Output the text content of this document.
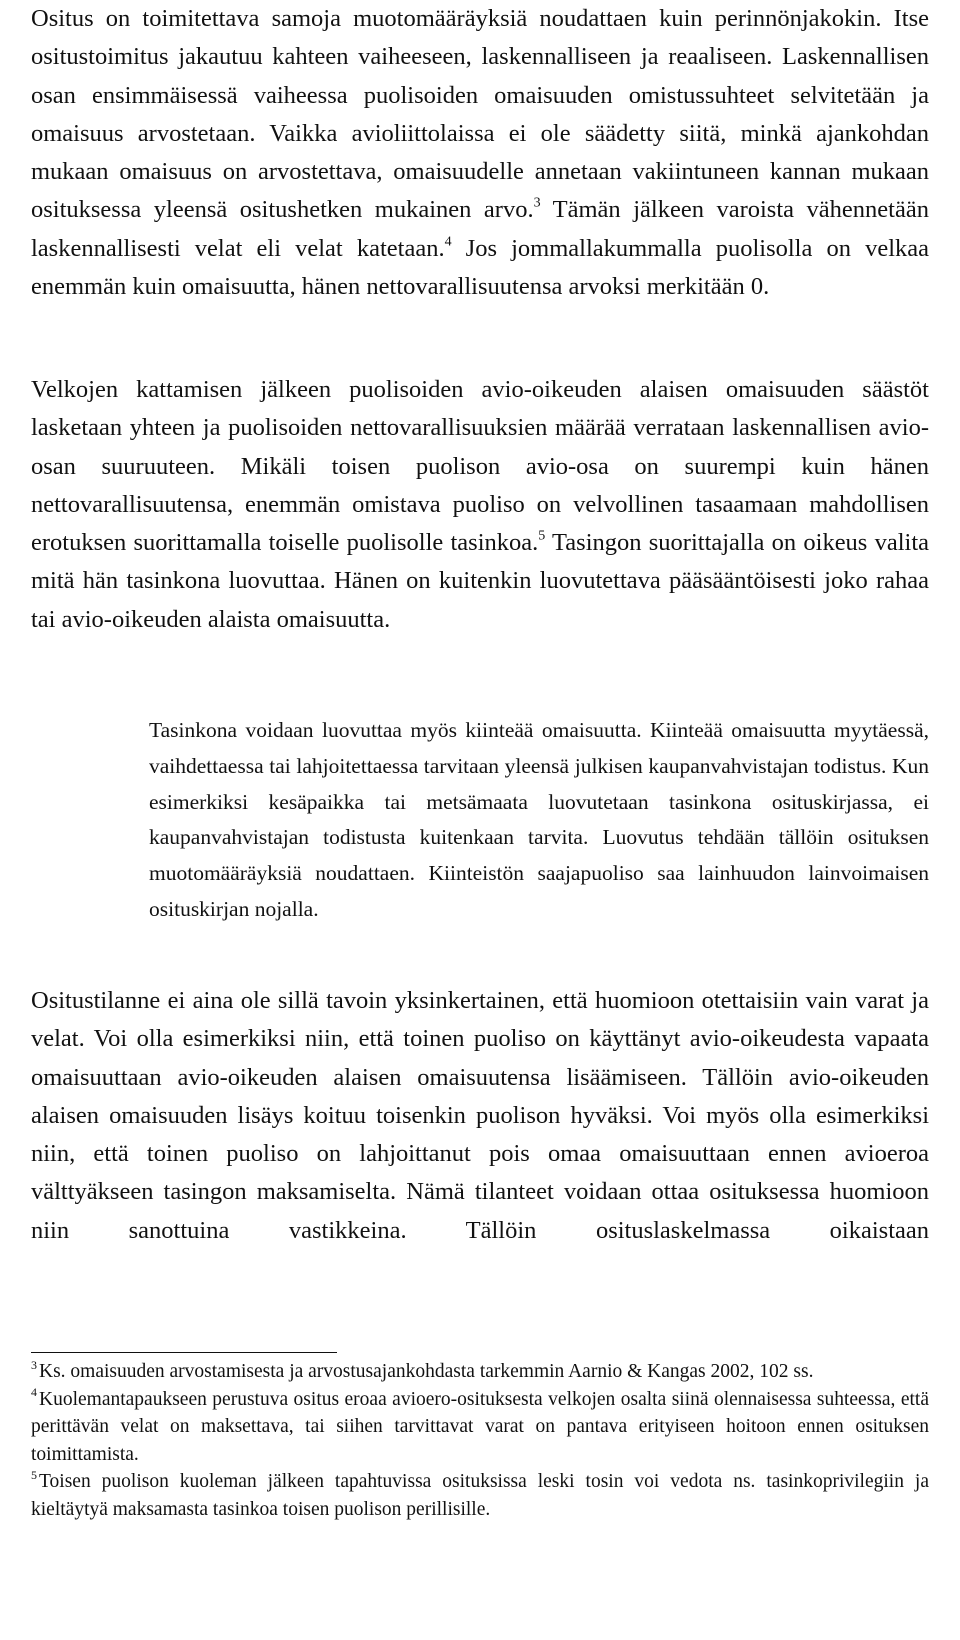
Ositus on toimitettava samoja muotomääräyksiä noudattaen kuin perinnönjakokin. Itse ositustoimitus jakautuu kahteen vaiheeseen, laskennalliseen ja reaaliseen. Laskennallisen osan ensimmäisessä vaiheessa puolisoiden omaisuuden omistussuhteet selvitetään ja omaisuus arvostetaan. Vaikka avioliittolaissa ei ole säädetty siitä, minkä ajankohdan mukaan omaisuus on arvostettava, omaisuudelle annetaan vakiintuneen kannan mukaan osituksessa yleensä ositushetken mukainen arvo.$^3$ Tämän jälkeen varoista vähennetään laskennallisesti velat eli velat katetaan.$^4$ Jos jommallakummalla puolisolla on velkaa enemmän kuin omaisuutta, hänen nettovarallisuutensa arvoksi merkitään 0.

Velkojen kattamisen jälkeen puolisoiden avio-oikeuden alaisen omaisuuden säästöt lasketaan yhteen ja puolisoiden nettovarallisuuksien määrää verrataan laskennallisen avio-osan suuruuteen. Mikäli toisen puolison avio-osa on suurempi kuin hänen nettovarallisuutensa, enemmän omistava puoliso on velvollinen tasaamaan mahdollisen erotuksen suorittamalla toiselle puolisolle tasinkoa.$^5$ Tasingon suorittajalla on oikeus valita mitä hän tasinkona luovuttaa. Hänen on kuitenkin luovutettava pääsääntöisesti joko rahaa tai avio-oikeuden alaista omaisuutta.

Tasinkona voidaan luovuttaa myös kiinteää omaisuutta. Kiinteää omaisuutta myytäessä, vaihdettaessa tai lahjoitettaessa tarvitaan yleensä julkisen kaupanvahvistajan todistus. Kun esimerkiksi kesäpaikka tai metsämaata luovutetaan tasinkona osituskirjassa, ei kaupanvahvistajan todistusta kuitenkaan tarvita. Luovutus tehdään tällöin osituksen muotomääräyksiä noudattaen. Kiinteistön saajapuoliso saa lainhuudon lainvoimaisen osituskirjan nojalla.

Ositustilanne ei aina ole sillä tavoin yksinkertainen, että huomioon otettaisiin vain varat ja velat. Voi olla esimerkiksi niin, että toinen puoliso on käyttänyt avio-oikeudesta vapaata omaisuuttaan avio-oikeuden alaisen omaisuutensa lisäämiseen. Tällöin avio-oikeuden alaisen omaisuuden lisäys koituu toisenkin puolison hyväksi. Voi myös olla esimerkiksi niin, että toinen puoliso on lahjoittanut pois omaa omaisuuttaan ennen avioeroa välttyäkseen tasingon maksamiselta. Nämä tilanteet voidaan ottaa osituksessa huomioon niin sanottuina vastikkeina. Tällöin osituslaskelmassa oikaistaan

$^3$ Ks. omaisuuden arvostamisesta ja arvostusajankohdasta tarkemmin Aarnio & Kangas 2002, 102 ss.

$^4$ Kuolemantapaukseen perustuva ositus eroaa avioero-osituksesta velkojen osalta siinä olennaisessa suhteessa, että perittävän velat on maksettava, tai siihen tarvittavat varat on pantava erityiseen hoitoon ennen osituksen toimittamista.

$^5$ Toisen puolison kuoleman jälkeen tapahtuvissa osituksissa leski tosin voi vedota ns. tasinkoprivilegiin ja kieltäytyä maksamasta tasinkoa toisen puolison perillisille.
